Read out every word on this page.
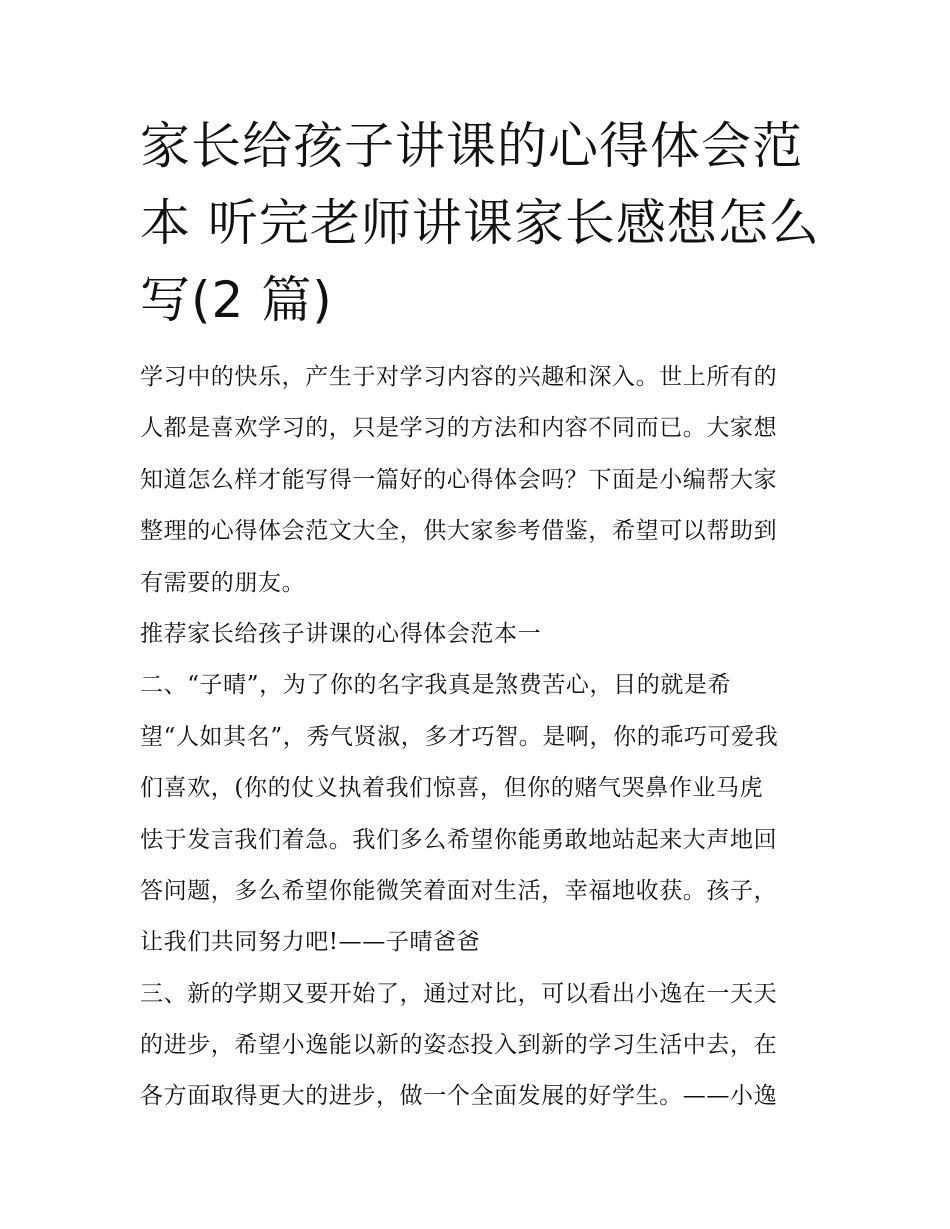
家长给孩子讲课的心得体会范
本 听完老师讲课家长感想怎么
写(2 篇)

学习中的快乐，产生于对学习内容的兴趣和深入。世上所有的
人都是喜欢学习的，只是学习的方法和内容不同而已。大家想
知道怎么样才能写得一篇好的心得体会吗？下面是小编帮大家
整理的心得体会范文大全，供大家参考借鉴，希望可以帮助到
有需要的朋友。

推荐家长给孩子讲课的心得体会范本一

二、“子晴”，为了你的名字我真是煞费苦心，目的就是希
望“人如其名”，秀气贤淑，多才巧智。是啊，你的乖巧可爱我
们喜欢，(你的仗义执着我们惊喜，但你的赌气哭鼻作业马虎
怯于发言我们着急。我们多么希望你能勇敢地站起来大声地回
答问题，多么希望你能微笑着面对生活，幸福地收获。孩子，
让我们共同努力吧!——子晴爸爸

三、新的学期又要开始了，通过对比，可以看出小逸在一天天
的进步，希望小逸能以新的姿态投入到新的学习生活中去，在
各方面取得更大的进步，做一个全面发展的好学生。——小逸
